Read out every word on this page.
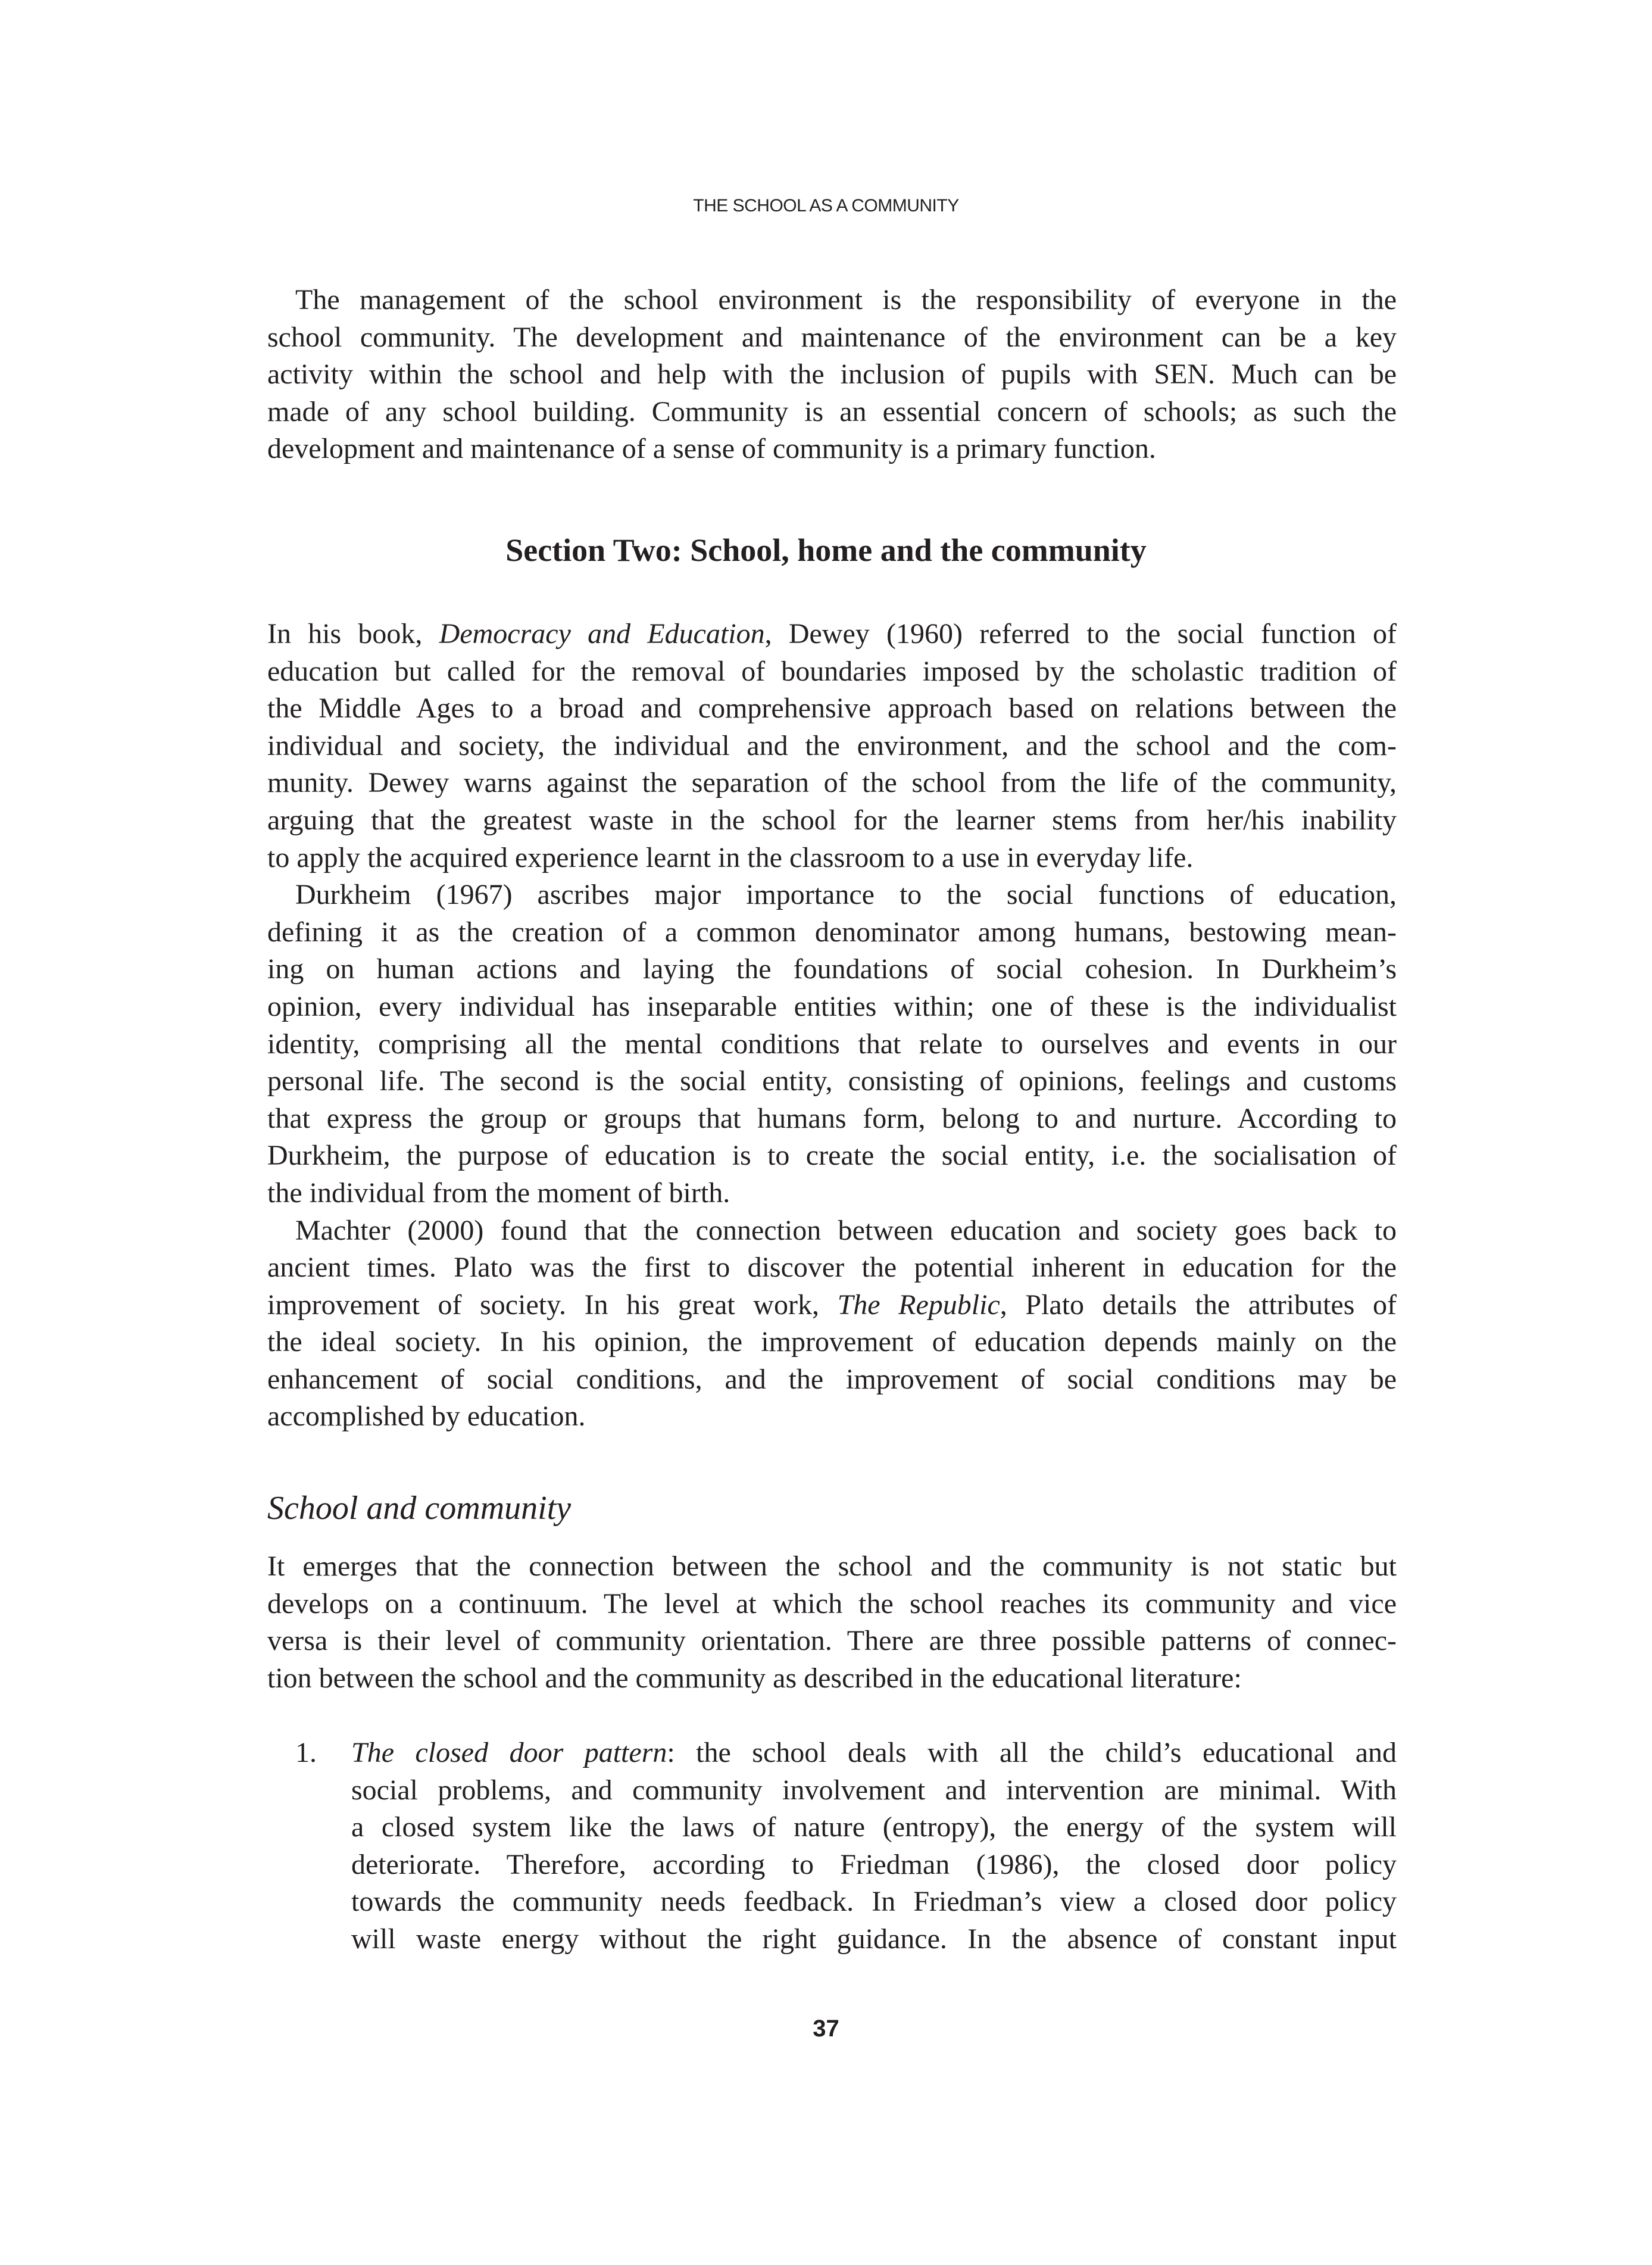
THE SCHOOL AS A COMMUNITY
The management of the school environment is the responsibility of everyone in the
school community. The development and maintenance of the environment can be a key
activity within the school and help with the inclusion of pupils with SEN. Much can be
made of any school building. Community is an essential concern of schools; as such the
development and maintenance of a sense of community is a primary function.
Section Two: School, home and the community
In his book, Democracy and Education, Dewey (1960) referred to the social function of
education but called for the removal of boundaries imposed by the scholastic tradition of
the Middle Ages to a broad and comprehensive approach based on relations between the
individual and society, the individual and the environment, and the school and the com-
munity. Dewey warns against the separation of the school from the life of the community,
arguing that the greatest waste in the school for the learner stems from her/his inability
to apply the acquired experience learnt in the classroom to a use in everyday life.
Durkheim (1967) ascribes major importance to the social functions of education,
defining it as the creation of a common denominator among humans, bestowing mean-
ing on human actions and laying the foundations of social cohesion. In Durkheim’s
opinion, every individual has inseparable entities within; one of these is the individualist
identity, comprising all the mental conditions that relate to ourselves and events in our
personal life. The second is the social entity, consisting of opinions, feelings and customs
that express the group or groups that humans form, belong to and nurture. According to
Durkheim, the purpose of education is to create the social entity, i.e. the socialisation of
the individual from the moment of birth.
Machter (2000) found that the connection between education and society goes back to
ancient times. Plato was the first to discover the potential inherent in education for the
improvement of society. In his great work, The Republic, Plato details the attributes of
the ideal society. In his opinion, the improvement of education depends mainly on the
enhancement of social conditions, and the improvement of social conditions may be
accomplished by education.
School and community
It emerges that the connection between the school and the community is not static but
develops on a continuum. The level at which the school reaches its community and vice
versa is their level of community orientation. There are three possible patterns of connec-
tion between the school and the community as described in the educational literature:
1. The closed door pattern: the school deals with all the child’s educational and
social problems, and community involvement and intervention are minimal. With
a closed system like the laws of nature (entropy), the energy of the system will
deteriorate. Therefore, according to Friedman (1986), the closed door policy
towards the community needs feedback. In Friedman’s view a closed door policy
will waste energy without the right guidance. In the absence of constant input
37
